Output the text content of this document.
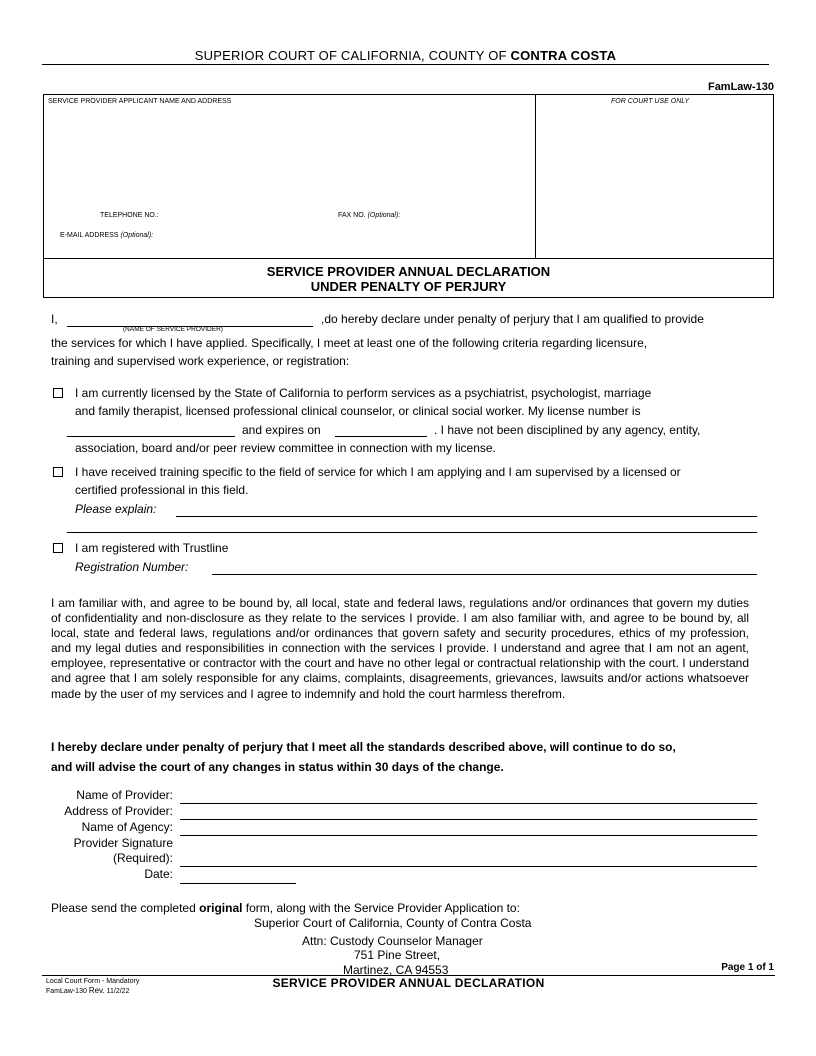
SUPERIOR COURT OF CALIFORNIA, COUNTY OF CONTRA COSTA
FamLaw-130
SERVICE PROVIDER APPLICANT NAME AND ADDRESS	FOR COURT USE ONLY
TELEPHONE NO.:	FAX NO. (Optional):
E-MAIL ADDRESS (Optional):
SERVICE PROVIDER ANNUAL DECLARATION
UNDER PENALTY OF PERJURY
I,
(NAME OF SERVICE PROVIDER)
,do hereby declare under penalty of perjury that I am qualified to provide
the services for which I have applied. Specifically, I meet at least one of the following criteria regarding licensure,
training and supervised work experience, or registration:
I am currently licensed by the State of California to perform services as a psychiatrist, psychologist, marriage
and family therapist, licensed professional clinical counselor, or clinical social worker. My license number is
and expires on	. I have not been disciplined by any agency, entity,
association, board and/or peer review committee in connection with my license.
I have received training specific to the field of service for which I am applying and I am supervised by a licensed or
certified professional in this field.
Please explain:
I am registered with Trustline
Registration Number:
I am familiar with, and agree to be bound by, all local, state and federal laws, regulations and/or ordinances that govern my duties of confidentiality and non-disclosure as they relate to the services I provide. I am also familiar with, and agree to be bound by, all local, state and federal laws, regulations and/or ordinances that govern safety and security procedures, ethics of my profession, and my legal duties and responsibilities in connection with the services I provide. I understand and agree that I am not an agent, employee, representative or contractor with the court and have no other legal or contractual relationship with the court. I understand and agree that I am solely responsible for any claims, complaints, disagreements, grievances, lawsuits and/or actions whatsoever made by the user of my services and I agree to indemnify and hold the court harmless therefrom.
I hereby declare under penalty of perjury that I meet all the standards described above, will continue to do so,
and will advise the court of any changes in status within 30 days of the change.
Name of Provider:
Address of Provider:
Name of Agency:
Provider Signature
(Required):
Date:
Please send the completed original form, along with the Service Provider Application to:
Superior Court of California, County of Contra Costa
Attn: Custody Counselor Manager
751 Pine Street,
Martinez, CA 94553	Page 1 of 1
Local Court Form - Mandatory
FamLaw-130 Rev. 11/2/22
SERVICE PROVIDER ANNUAL DECLARATION
